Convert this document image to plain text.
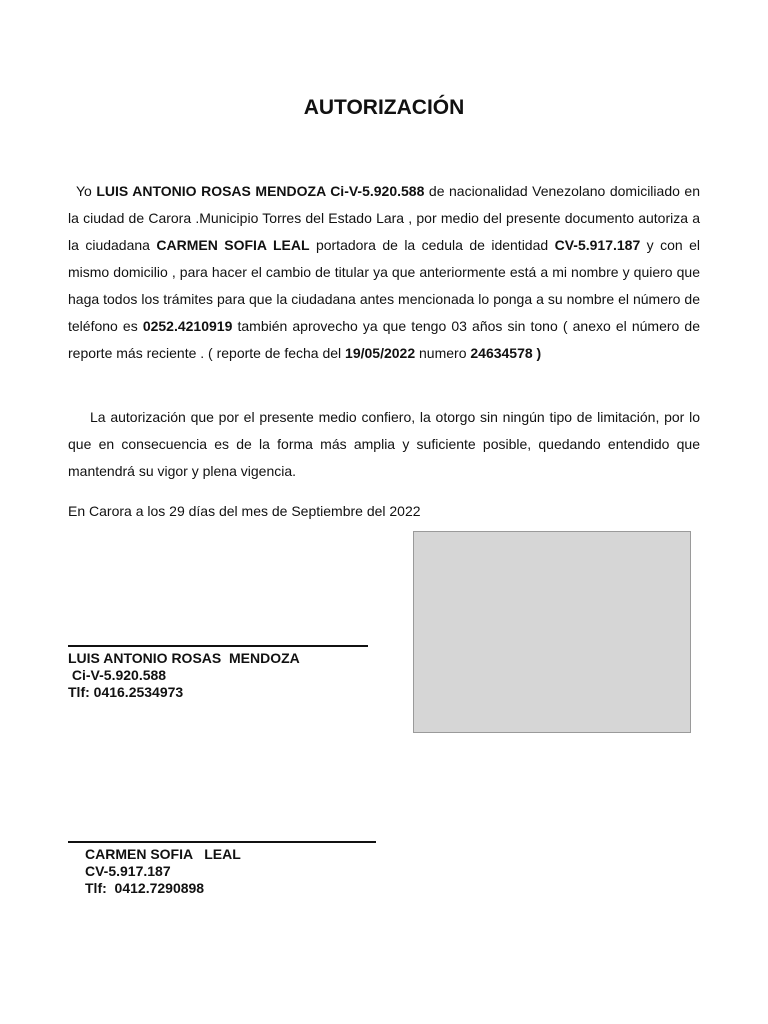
AUTORIZACIÓN

Yo LUIS ANTONIO ROSAS MENDOZA Ci-V-5.920.588 de nacionalidad Venezolano domiciliado en la ciudad de Carora .Municipio Torres del Estado Lara , por medio del presente documento autoriza a la ciudadana CARMEN SOFIA LEAL portadora de la cedula de identidad CV-5.917.187 y con el mismo domicilio , para hacer el cambio de titular ya que anteriormente está a mi nombre y quiero que haga todos los trámites para que la ciudadana antes mencionada lo ponga a su nombre el número de teléfono es 0252.4210919 también aprovecho ya que tengo 03 años sin tono ( anexo el número de reporte más reciente . ( reporte de fecha del 19/05/2022 numero 24634578 )

La autorización que por el presente medio confiero, la otorgo sin ningún tipo de limitación, por lo que en consecuencia es de la forma más amplia y suficiente posible, quedando entendido que mantendrá su vigor y plena vigencia.

En Carora a los 29 días del mes de Septiembre del 2022

LUIS ANTONIO ROSAS  MENDOZA
Ci-V-5.920.588
Tlf: 0416.2534973
CARMEN SOFIA   LEAL
CV-5.917.187
Tlf:  0412.7290898
